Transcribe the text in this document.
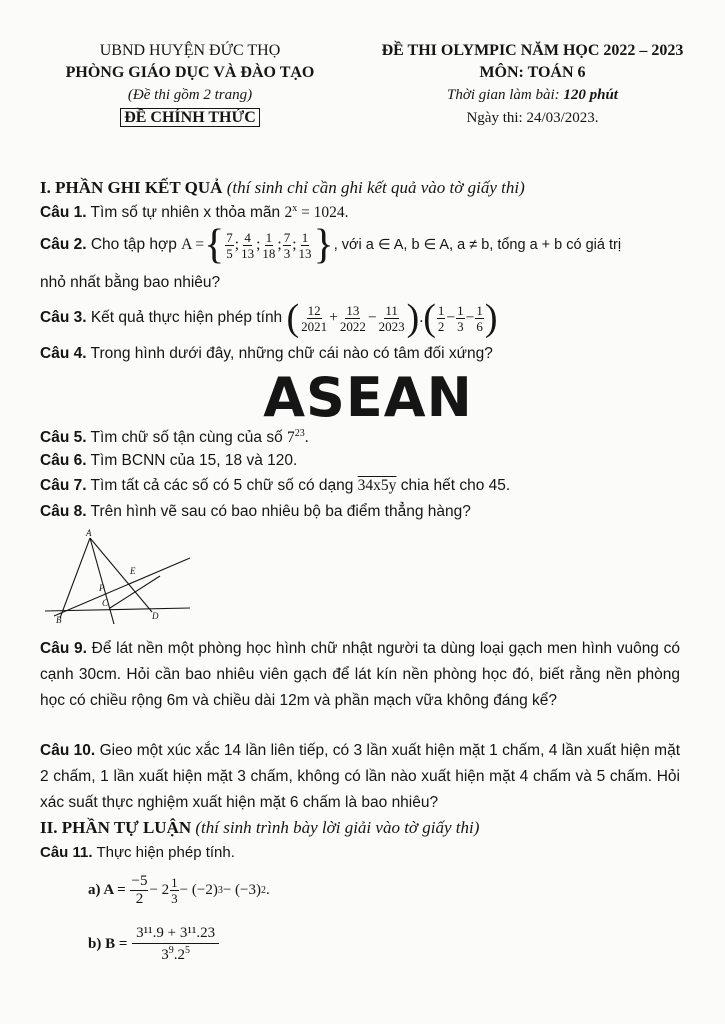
UBND HUYỆN ĐỨC THỌ
PHÒNG GIÁO DỤC VÀ ĐÀO TẠO
(Đề thi gồm 2 trang)
ĐỀ CHÍNH THỨC
ĐỀ THI OLYMPIC NĂM HỌC 2022 – 2023
MÔN: TOÁN 6
Thời gian làm bài: 120 phút
Ngày thi: 24/03/2023.
I. PHẦN GHI KẾT QUẢ (thí sinh chỉ cần ghi kết quả vào tờ giấy thi)
Câu 1. Tìm số tự nhiên x thỏa mãn $2^x = 1024$.
Câu 2.
Cho tập hợp
A = { $\frac{7}{5}$ ; $\frac{4}{13}$ ; $\frac{1}{18}$ ; $\frac{7}{3}$ ; $\frac{1}{13}$ } , với a ∈ A, b ∈ A, a ≠ b, tổng a + b có giá trị
nhỏ nhất bằng bao nhiêu?
Câu 3.
Kết quả thực hiện phép tính
( $\frac{12}{2021} + \frac{13}{2022} - \frac{11}{2023}$ ) . ( $\frac{1}{2} - \frac{1}{3} - \frac{1}{6}$ )
Câu 4. Trong hình dưới đây, những chữ cái nào có tâm đối xứng?
ASEAN
Câu 5. Tìm chữ số tận cùng của số $7^{23}$.
Câu 6. Tìm BCNN của 15, 18 và 120.
Câu 7. Tìm tất cả các số có 5 chữ số có dạng 34x5y chia hết cho 45.
Câu 8. Trên hình vẽ sau có bao nhiêu bộ ba điểm thẳng hàng?
A
B
C
D
E
P
Câu 9. Để lát nền một phòng học hình chữ nhật người ta dùng loại gạch men hình vuông có cạnh 30cm. Hỏi cần bao nhiêu viên gạch để lát kín nền phòng học đó, biết rằng nền phòng học có chiều rộng 6m và chiều dài 12m và phần mạch vữa không đáng kể?
Câu 10. Gieo một xúc xắc 14 lần liên tiếp, có 3 lần xuất hiện mặt 1 chấm, 4 lần xuất hiện mặt 2 chấm, 1 lần xuất hiện mặt 3 chấm, không có lần nào xuất hiện mặt 4 chấm và 5 chấm. Hỏi xác suất thực nghiệm xuất hiện mặt 6 chấm là bao nhiêu?
II. PHẦN TỰ LUẬN (thí sinh trình bày lời giải vào tờ giấy thi)
Câu 11. Thực hiện phép tính.
a) A =
$\frac{-5}{2} - 2 \frac{1}{3} - (-2) 3 - (-3)$ 2 .
b) B =
$\frac{\text{3¹¹.9 + 3¹¹.23}}{3^9.2^5}$
